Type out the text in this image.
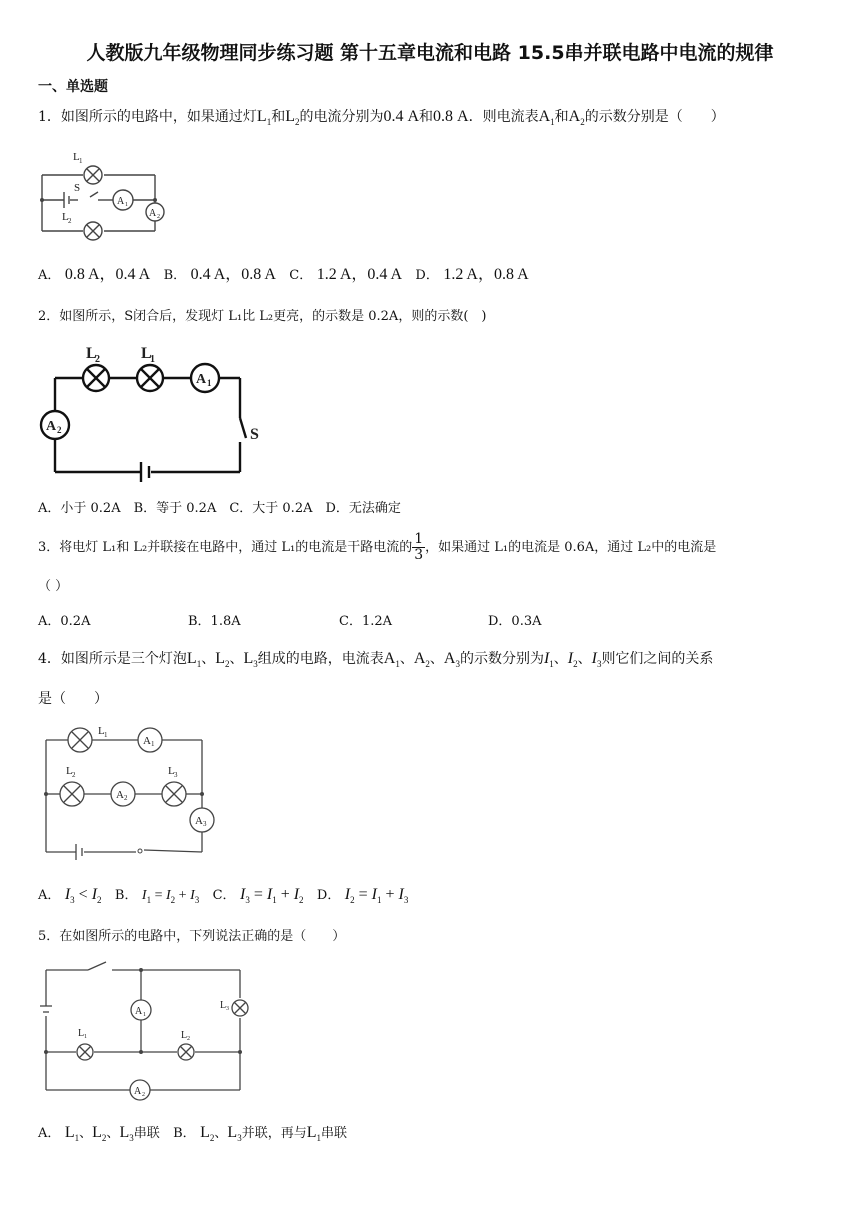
人教版九年级物理同步练习题 第十五章电流和电路 15.5串并联电路中电流的规律
一、单选题
1．如图所示的电路中，如果通过灯$L_1$和$L_2$的电流分别为0.4 A和0.8 A．则电流表$A_1$和$A_2$的示数分别是（　　）
L 1
L 2
S
A 1
A 2
A． 0.8 A，0.4 A B． 0.4 A，0.8 A C． 1.2 A，0.4 A D． 1.2 A，0.8 A
2．如图所示，S闭合后，发现灯 L₁比 L₂更亮，的示数是 0.2A，则的示数(　)
L
2	L
1
A 1
A 2	S
A．小于 0.2A　B．等于 0.2A　C．大于 0.2A　D．无法确定
3．将电灯 L₁和 L₂并联接在电路中，通过 L₁的电流是干路电流的 $\frac{1}{3}$ ，如果通过 L₁的电流是 0.6A，通过 L₂中的电流是
（ ）
A．0.2A	B．1.8A	C．1.2A	D．0.3A
4．如图所示是三个灯泡$L_1$、$L_2$、$L_3$组成的电路，电流表$A_1$、$A_2$、$A_3$的示数分别为$I_1$、$I_2$、$I_3$则它们之间的关系
是（　　）
L 1	A 1
L 2
A 2
L 3
A 3
A． $I_3 < I_2$ B． $I_1 = I_2 + I_3$ C． $I_3 = I_1 + I_2$ D． $I_2 = I_1 + I_3$
5．在如图所示的电路中，下列说法正确的是（　　）
A 1
L 1	L 2
L 3
A 2
A． $L_1$、$L_2$、$L_3$串联 B． $L_2$、$L_3$并联，再与$L_1$串联
